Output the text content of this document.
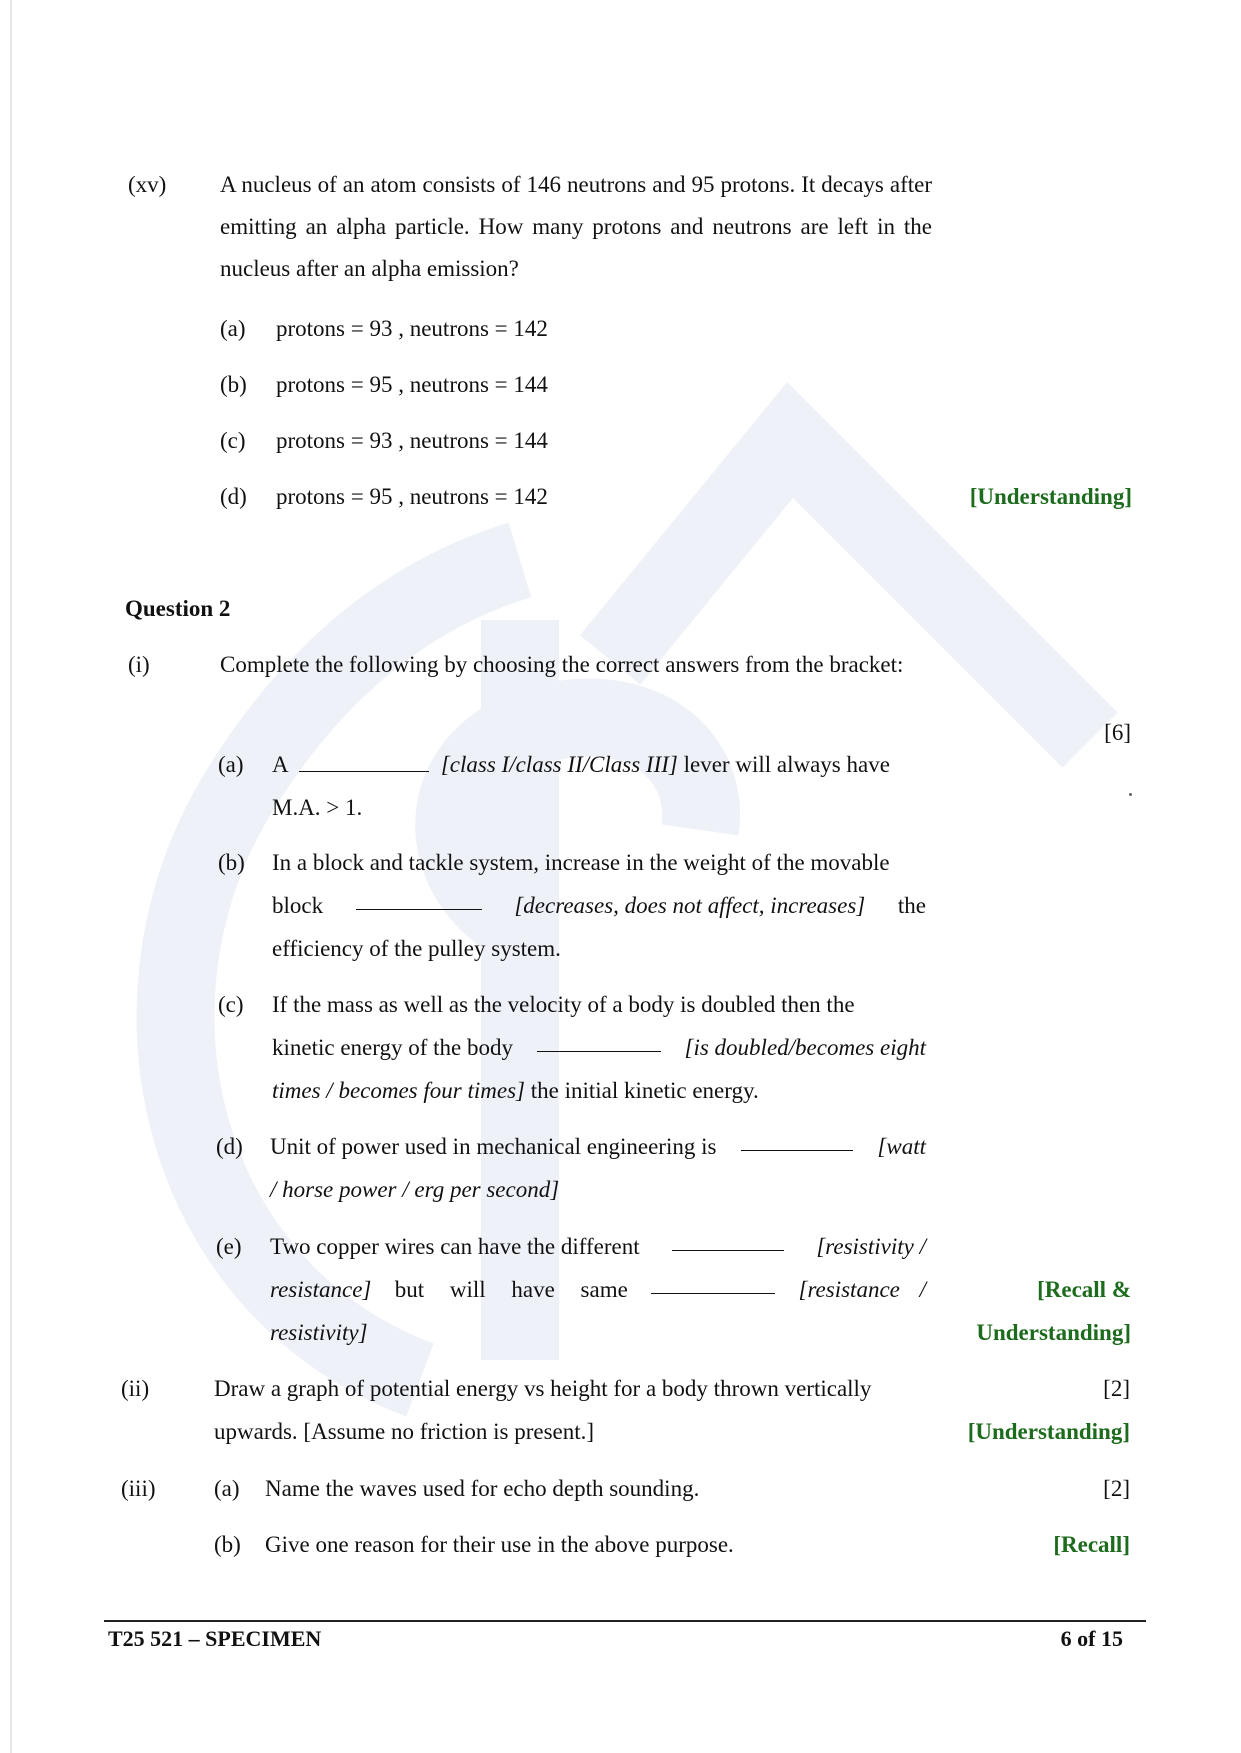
(xv) A nucleus of an atom consists of 146 neutrons and 95 protons. It decays after emitting an alpha particle. How many protons and neutrons are left in the nucleus after an alpha emission?
(a) protons = 93 , neutrons = 142
(b) protons = 95 , neutrons = 144
(c) protons = 93 , neutrons = 144
(d) protons = 95 , neutrons = 142	[Understanding]
Question 2
(i)	Complete the following by choosing the correct answers from the bracket:
[6]
(a) A	[class I/class II/Class III] lever will always have
M.A. > 1.
(b) In a block and tackle system, increase in the weight of the movable
block	[decreases, does not affect, increases] the
efficiency of the pulley system.
(c) If the mass as well as the velocity of a body is doubled then the
kinetic energy of the body	[is doubled/becomes eight
times / becomes four times] the initial kinetic energy.
(d) Unit of power used in mechanical engineering is	[watt
/ horse power / erg per second]
(e) Two copper wires can have the different	[resistivity /
resistance] but will have same	[resistance /
resistivity]
[Recall &
Understanding]
(ii)	Draw a graph of potential energy vs height for a body thrown vertically
upwards. [Assume no friction is present.]
[2]
[Understanding]
(iii)	(a) Name the waves used for echo depth sounding.	[2]
(b) Give one reason for their use in the above purpose.	[Recall]
T25 521 – SPECIMEN	6 of 15
